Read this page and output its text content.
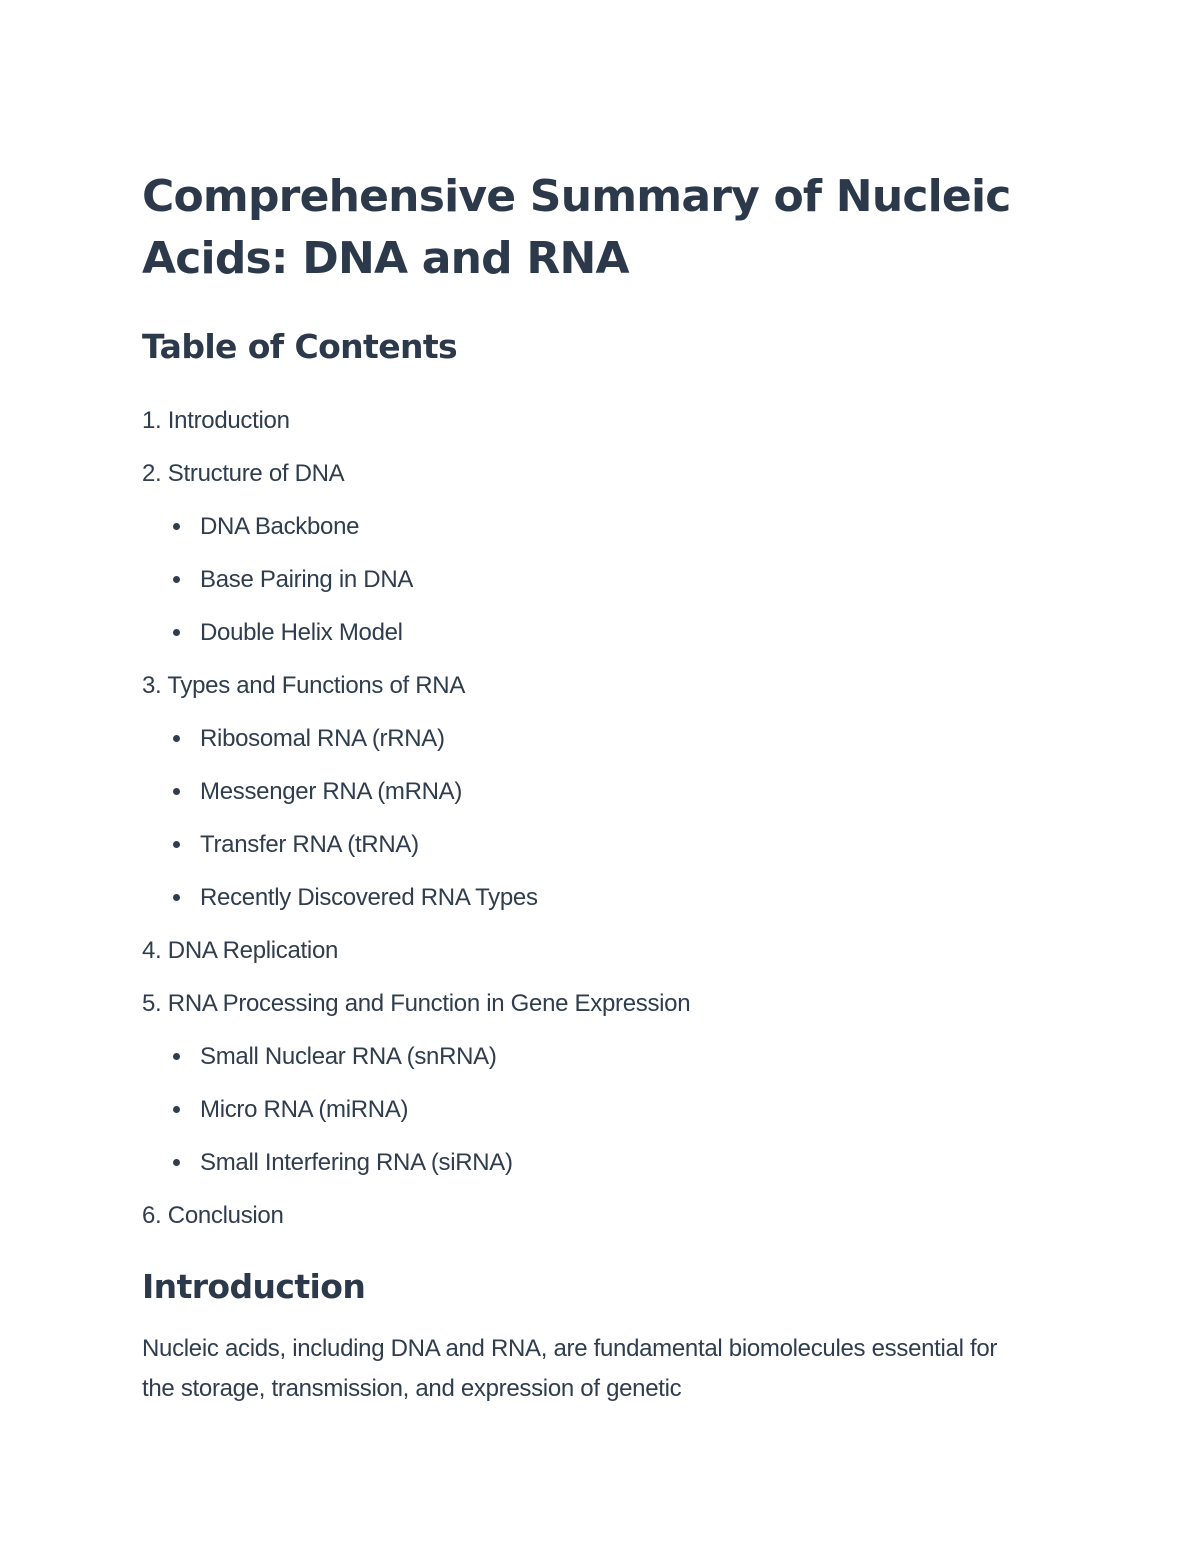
Comprehensive Summary of Nucleic Acids: DNA and RNA
Table of Contents
1. Introduction
2. Structure of DNA
DNA Backbone
Base Pairing in DNA
Double Helix Model
3. Types and Functions of RNA
Ribosomal RNA (rRNA)
Messenger RNA (mRNA)
Transfer RNA (tRNA)
Recently Discovered RNA Types
4. DNA Replication
5. RNA Processing and Function in Gene Expression
Small Nuclear RNA (snRNA)
Micro RNA (miRNA)
Small Interfering RNA (siRNA)
6. Conclusion
Introduction

Nucleic acids, including DNA and RNA, are fundamental biomolecules essential for the storage, transmission, and expression of genetic
